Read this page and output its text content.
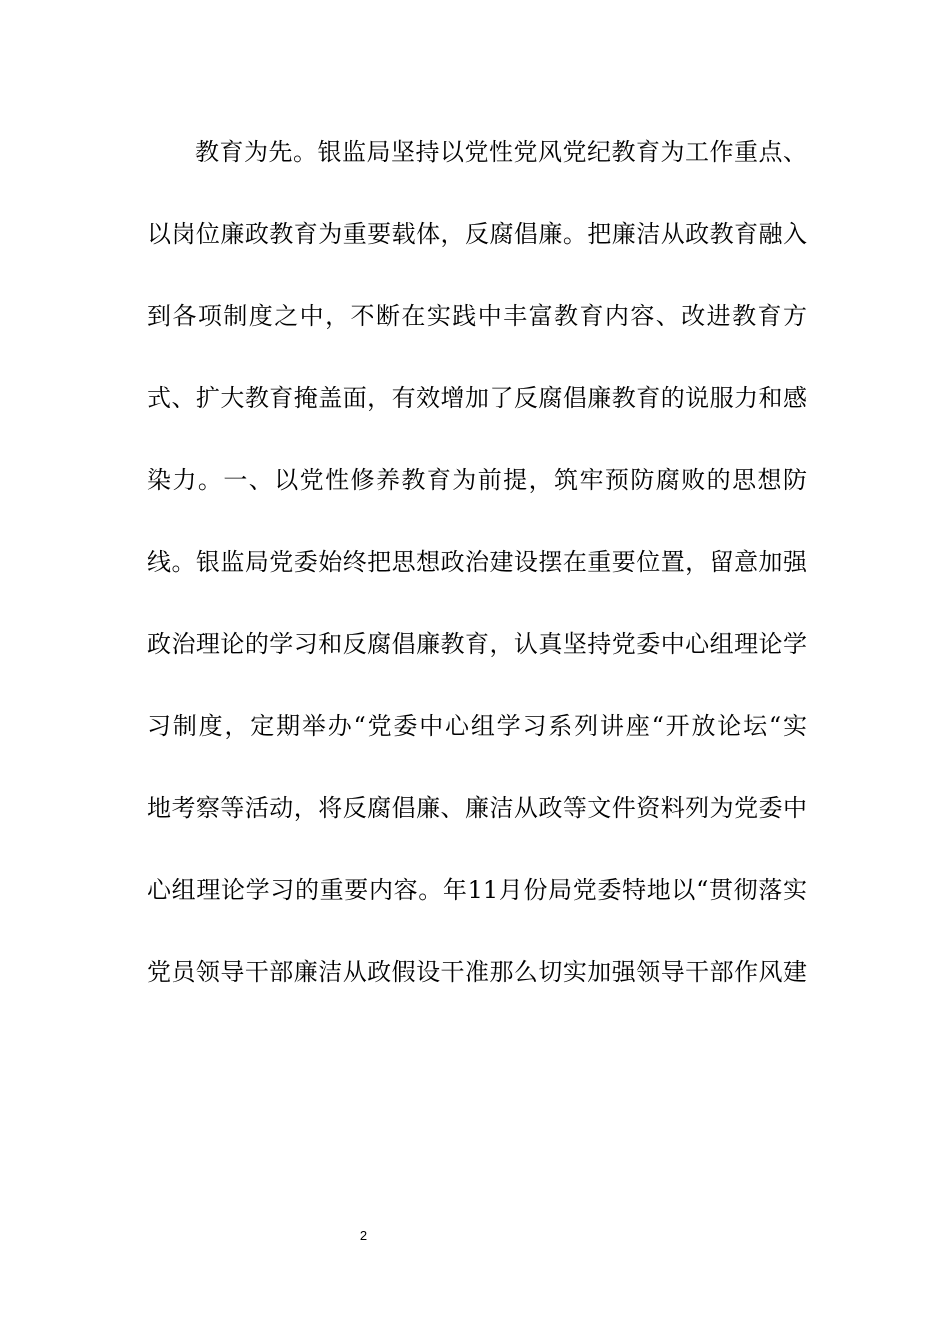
教育为先。银监局坚持以党性党风党纪教育为工作重点、
以岗位廉政教育为重要载体，反腐倡廉。把廉洁从政教育融入
到各项制度之中，不断在实践中丰富教育内容、改进教育方
式、扩大教育掩盖面，有效增加了反腐倡廉教育的说服力和感
染力。一、以党性修养教育为前提，筑牢预防腐败的思想防
线。银监局党委始终把思想政治建设摆在重要位置，留意加强
政治理论的学习和反腐倡廉教育，认真坚持党委中心组理论学
习制度，定期举办“党委中心组学习系列讲座“开放论坛“实
地考察等活动，将反腐倡廉、廉洁从政等文件资料列为党委中
心组理论学习的重要内容。年11月份局党委特地以“贯彻落实
党员领导干部廉洁从政假设干准那么切实加强领导干部作风建
2
